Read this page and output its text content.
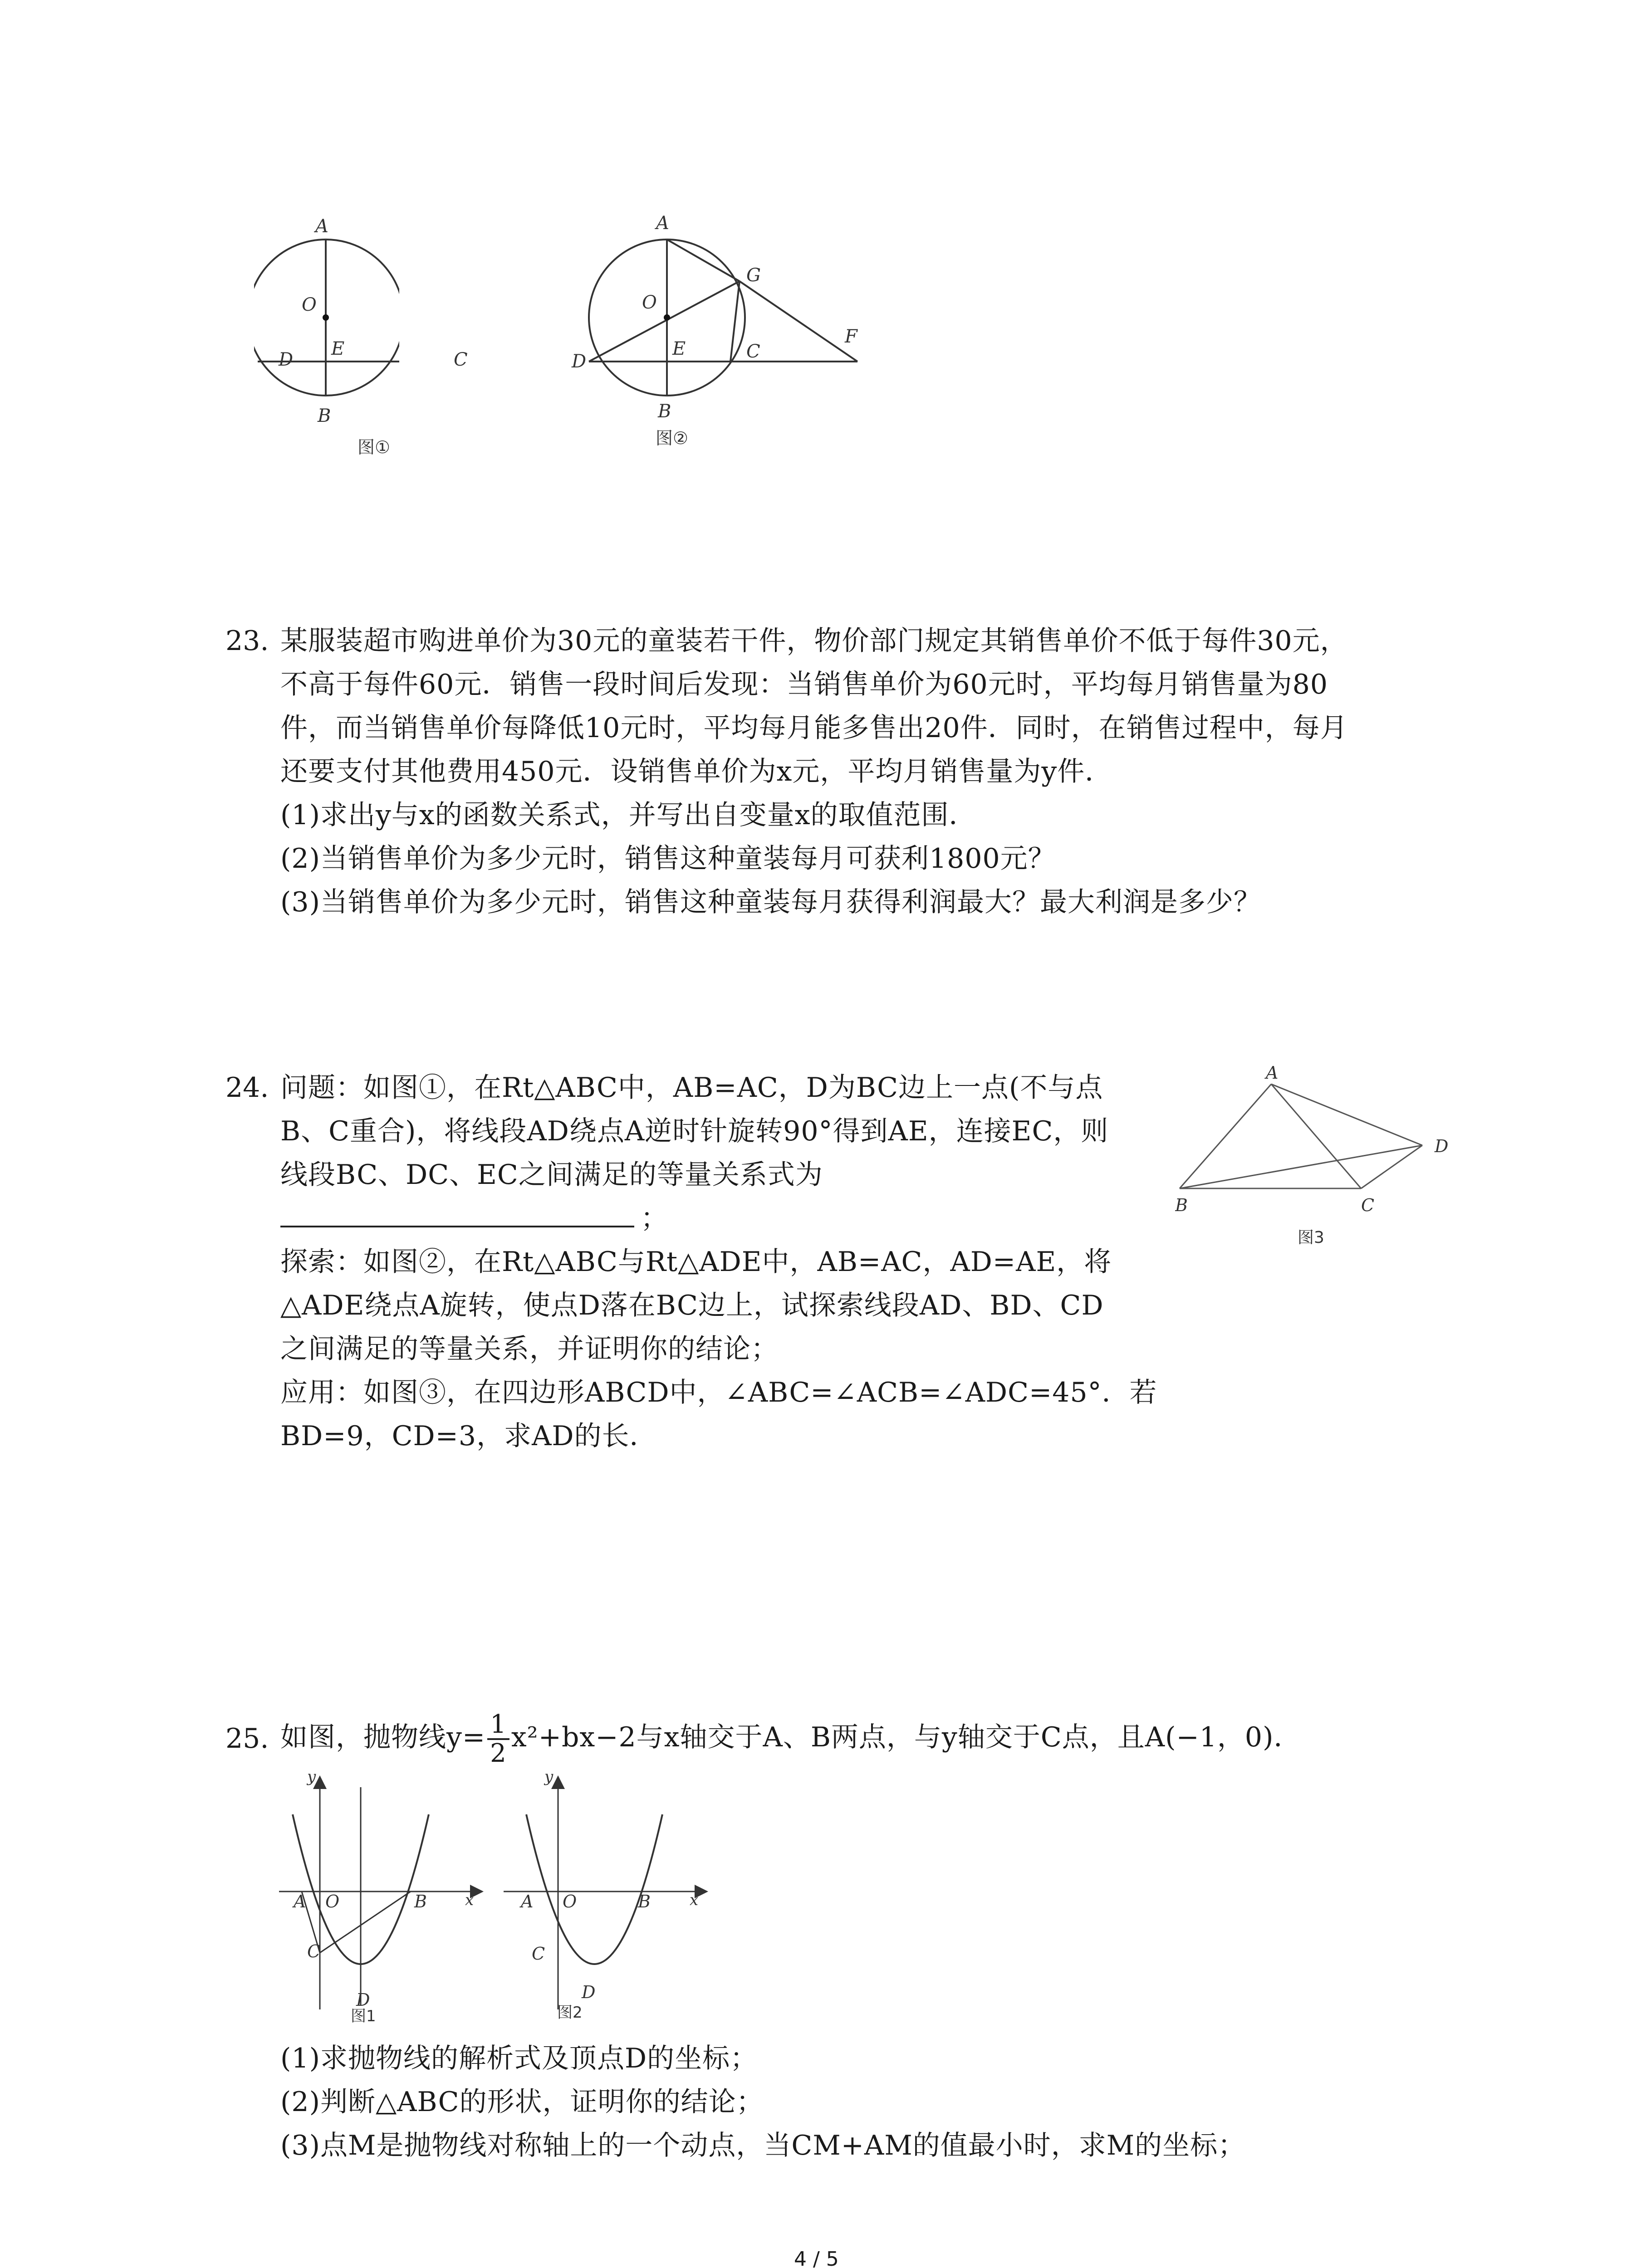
A
O
E
B
D	C
图①
A
O
G
F
D
E	C
B
图②
23. 某服装超市购进单价为30元的童装若干件，物价部门规定其销售单价不低于每件30元，
不高于每件60元．销售一段时间后发现：当销售单价为60元时，平均每月销售量为80
件，而当销售单价每降低10元时，平均每月能多售出20件．同时，在销售过程中，每月
还要支付其他费用450元．设销售单价为x元，平均月销售量为y件．
(1)求出y与x的函数关系式，并写出自变量x的取值范围．
(2)当销售单价为多少元时，销售这种童装每月可获利1800元？
(3)当销售单价为多少元时，销售这种童装每月获得利润最大？最大利润是多少？
24. 问题：如图①，在Rt△ABC中，AB=AC，D为BC边上一点(不与点
B、C重合)，将线段AD绕点A逆时针旋转90°得到AE，连接EC，则
线段BC、DC、EC之间满足的等量关系式为
；
探索：如图②，在Rt△ABC与Rt△ADE中，AB=AC，AD=AE，将
△ADE绕点A旋转，使点D落在BC边上，试探索线段AD、BD、CD
之间满足的等量关系，并证明你的结论；
应用：如图③，在四边形ABCD中，∠ABC=∠ACB=∠ADC=45°．若
BD=9，CD=3，求AD的长．
A
B	C
D
图3
25. 如图，抛物线$y= \frac{1}{2} x^2+bx-2$与x轴交于A、B两点，与y轴交于C点，且A(−1，0)．
y
x
A O	B
C
D
图1
y
x
A O	B
C
D
图2
(1)求抛物线的解析式及顶点D的坐标；
(2)判断△ABC的形状，证明你的结论；
(3)点M是抛物线对称轴上的一个动点，当CM+AM的值最小时，求M的坐标；
4 / 5
